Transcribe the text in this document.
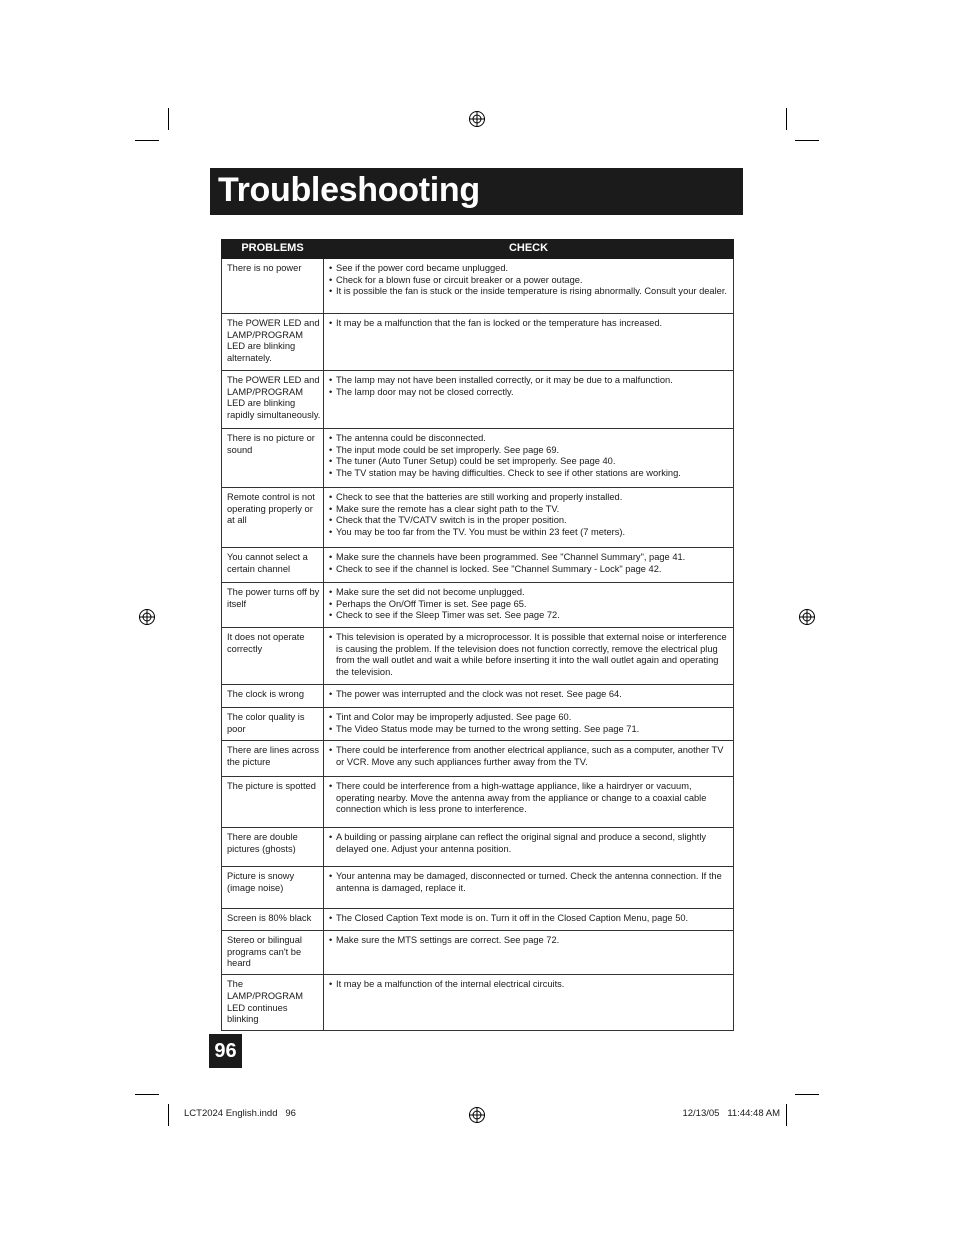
Troubleshooting
PROBLEMS	CHECK
There is no power	• See if the power cord became unplugged.
• Check for a blown fuse or circuit breaker or a power outage.
• It is possible the fan is stuck or the inside temperature is rising abnormally. Consult your dealer.

The POWER LED and LAMP/PROGRAM LED are blinking alternately.	• It may be a malfunction that the fan is locked or the temperature has increased.

The POWER LED and LAMP/PROGRAM LED are blinking rapidly simultaneously.	• The lamp may not have been installed correctly, or it may be due to a malfunction.
• The lamp door may not be closed correctly.

There is no picture or sound	• The antenna could be disconnected.
• The input mode could be set improperly. See page 69.
• The tuner (Auto Tuner Setup) could be set improperly. See page 40.
• The TV station may be having difficulties. Check to see if other stations are working.

Remote control is not operating properly or at all	• Check to see that the batteries are still working and properly installed.
• Make sure the remote has a clear sight path to the TV.
• Check that the TV/CATV switch is in the proper position.
• You may be too far from the TV. You must be within 23 feet (7 meters).

You cannot select a certain channel	• Make sure the channels have been programmed. See "Channel Summary", page 41.
• Check to see if the channel is locked. See "Channel Summary - Lock" page 42.

The power turns off by itself	• Make sure the set did not become unplugged.
• Perhaps the On/Off Timer is set. See page 65.
• Check to see if the Sleep Timer was set. See page 72.

It does not operate correctly	• This television is operated by a microprocessor. It is possible that external noise or interference is causing the problem. If the television does not function correctly, remove the electrical plug from the wall outlet and wait a while before inserting it into the wall outlet again and operating the television.

The clock is wrong	• The power was interrupted and the clock was not reset. See page 64.

The color quality is poor	• Tint and Color may be improperly adjusted. See page 60.
• The Video Status mode may be turned to the wrong setting. See page 71.

There are lines across the picture	• There could be interference from another electrical appliance, such as a computer, another TV or VCR. Move any such appliances further away from the TV.

The picture is spotted	• There could be interference from a high-wattage appliance, like a hairdryer or vacuum, operating nearby. Move the antenna away from the appliance or change to a coaxial cable connection which is less prone to interference.

There are double pictures (ghosts)	• A building or passing airplane can reflect the original signal and produce a second, slightly delayed one. Adjust your antenna position.

Picture is snowy (image noise)	• Your antenna may be damaged, disconnected or turned. Check the antenna connection. If the antenna is damaged, replace it.

Screen is 80% black	• The Closed Caption Text mode is on. Turn it off in the Closed Caption Menu, page 50.

Stereo or bilingual programs can't be heard	• Make sure the MTS settings are correct. See page 72.

The LAMP/PROGRAM LED continues blinking	• It may be a malfunction of the internal electrical circuits.
96
LCT2024 English.indd   96	12/13/05   11:44:48 AM
